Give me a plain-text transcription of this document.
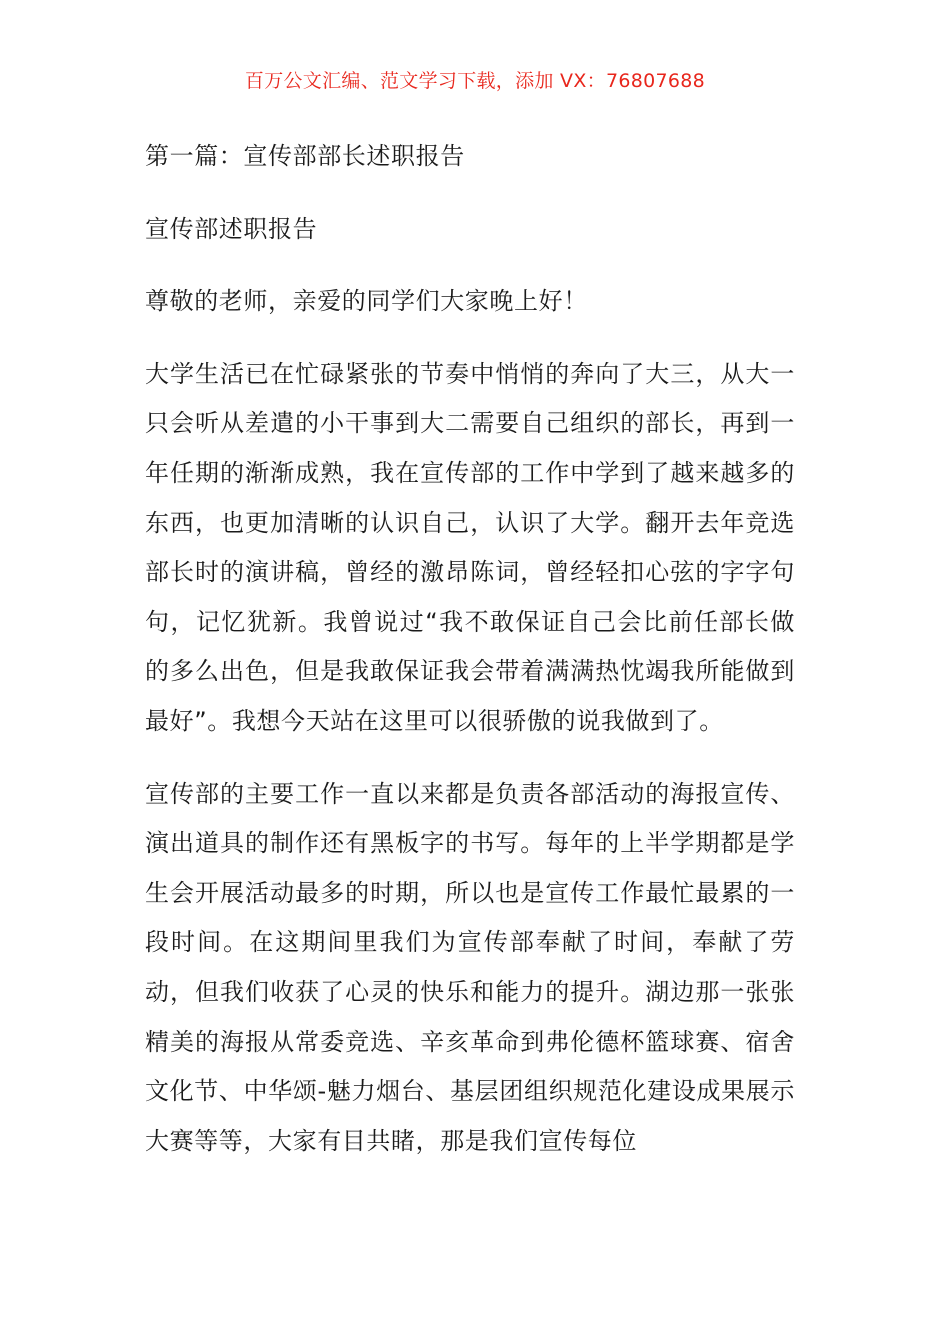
百万公文汇编、范文学习下载，添加 VX：76807688

第一篇：宣传部部长述职报告

宣传部述职报告

尊敬的老师，亲爱的同学们大家晚上好！

大学生活已在忙碌紧张的节奏中悄悄的奔向了大三，从大一只会听从差遣的小干事到大二需要自己组织的部长，再到一年任期的渐渐成熟，我在宣传部的工作中学到了越来越多的东西，也更加清晰的认识自己，认识了大学。翻开去年竞选部长时的演讲稿，曾经的激昂陈词，曾经轻扣心弦的字字句句，记忆犹新。我曾说过“我不敢保证自己会比前任部长做的多么出色，但是我敢保证我会带着满满热忱竭我所能做到最好”。我想今天站在这里可以很骄傲的说我做到了。

宣传部的主要工作一直以来都是负责各部活动的海报宣传、演出道具的制作还有黑板字的书写。每年的上半学期都是学生会开展活动最多的时期，所以也是宣传工作最忙最累的一段时间。在这期间里我们为宣传部奉献了时间，奉献了劳动，但我们收获了心灵的快乐和能力的提升。湖边那一张张精美的海报从常委竞选、辛亥革命到弗伦德杯篮球赛、宿舍文化节、中华颂-魅力烟台、基层团组织规范化建设成果展示大赛等等，大家有目共睹，那是我们宣传每位
